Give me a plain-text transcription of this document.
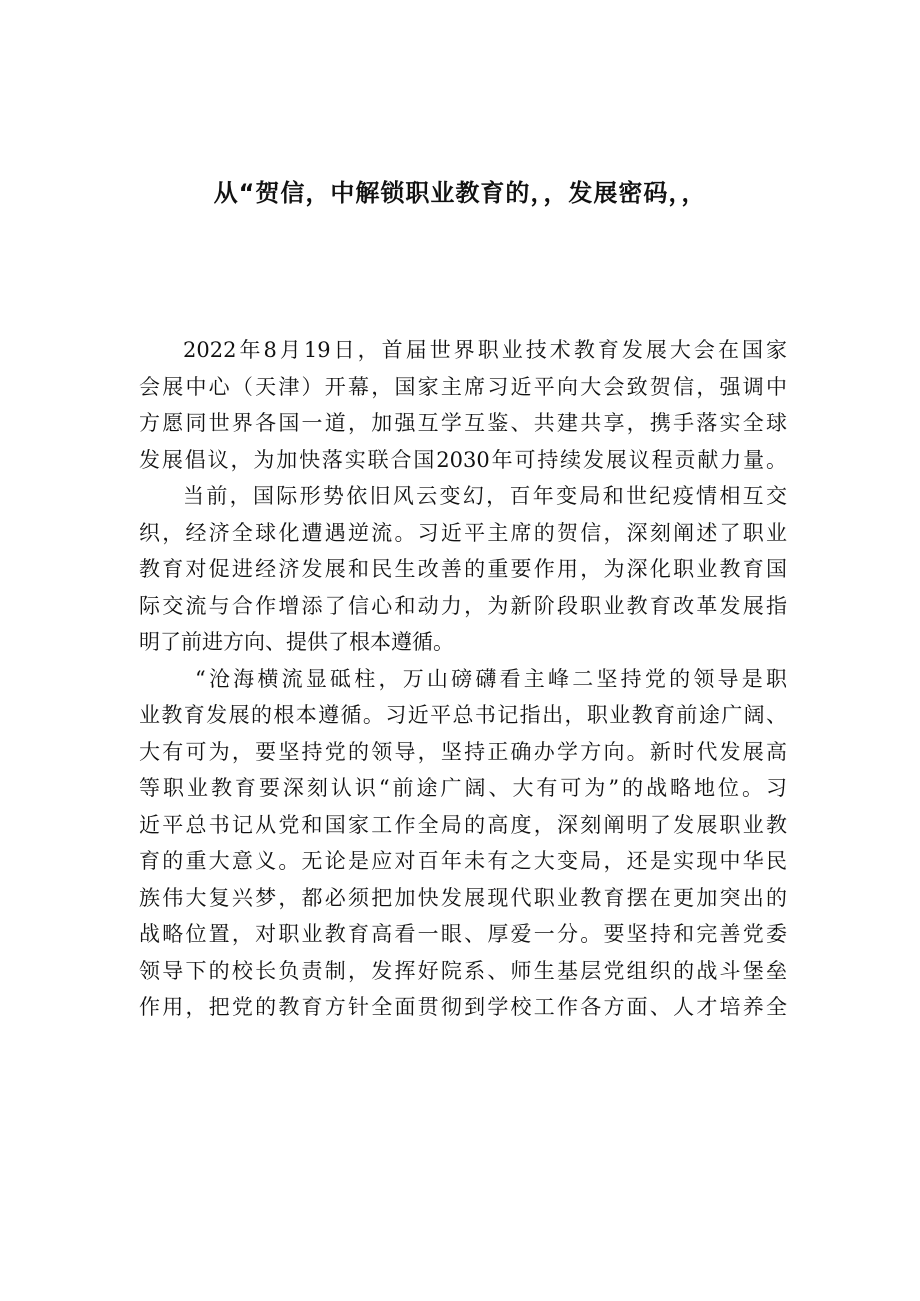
从“贺信，中解锁职业教育的，，发展密码，，
2022年8月19日，首届世界职业技术教育发展大会在国家
会展中心（天津）开幕，国家主席习近平向大会致贺信，强调中
方愿同世界各国一道，加强互学互鉴、共建共享，携手落实全球
发展倡议，为加快落实联合国2030年可持续发展议程贡献力量。
当前，国际形势依旧风云变幻，百年变局和世纪疫情相互交
织，经济全球化遭遇逆流。习近平主席的贺信，深刻阐述了职业
教育对促进经济发展和民生改善的重要作用，为深化职业教育国
际交流与合作增添了信心和动力，为新阶段职业教育改革发展指
明了前进方向、提供了根本遵循。
“沧海横流显砥柱，万山磅礴看主峰二坚持党的领导是职
业教育发展的根本遵循。习近平总书记指出，职业教育前途广阔、
大有可为，要坚持党的领导，坚持正确办学方向。新时代发展高
等职业教育要深刻认识“前途广阔、大有可为”的战略地位。习
近平总书记从党和国家工作全局的高度，深刻阐明了发展职业教
育的重大意义。无论是应对百年未有之大变局，还是实现中华民
族伟大复兴梦，都必须把加快发展现代职业教育摆在更加突出的
战略位置，对职业教育高看一眼、厚爱一分。要坚持和完善党委
领导下的校长负责制，发挥好院系、师生基层党组织的战斗堡垒
作用，把党的教育方针全面贯彻到学校工作各方面、人才培养全
